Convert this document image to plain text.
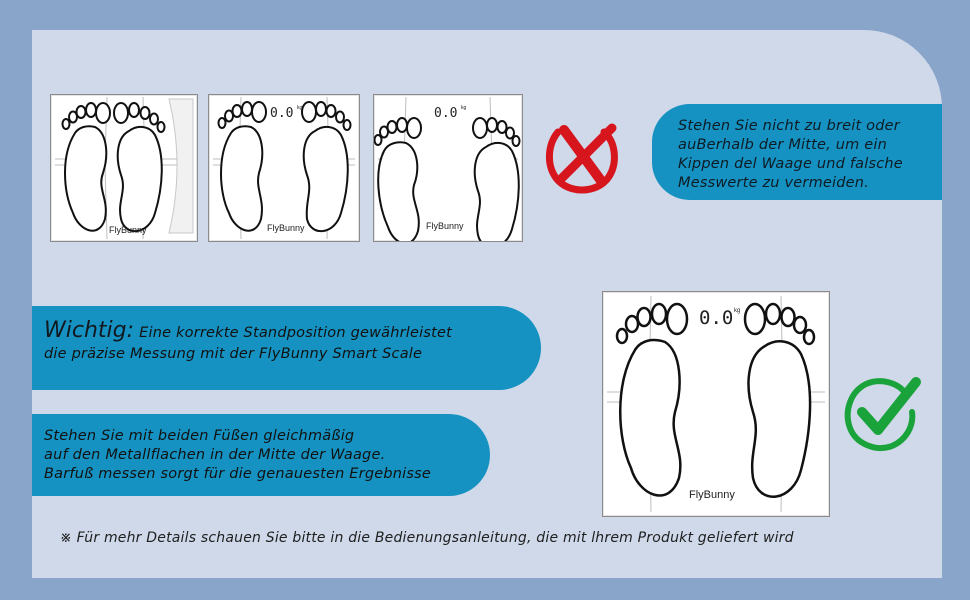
FlyBunny
0.0 kg
FlyBunny
0.0 kg
FlyBunny
Stehen Sie nicht zu breit oder auBerhalb der Mitte, um ein Kippen del Waage und falsche Messwerte zu vermeiden.
Wichtig: Eine korrekte Standposition gewährleistet
die präzise Messung mit der FlyBunny Smart Scale
Stehen Sie mit beiden Füßen gleichmäßig
auf den Metallflachen in der Mitte der Waage.
Barfuß messen sorgt für die genauesten Ergebnisse
0.0 kg
FlyBunny
※ Für mehr Details schauen Sie bitte in die Bedienungsanleitung, die mit lhrem Produkt geliefert wird
